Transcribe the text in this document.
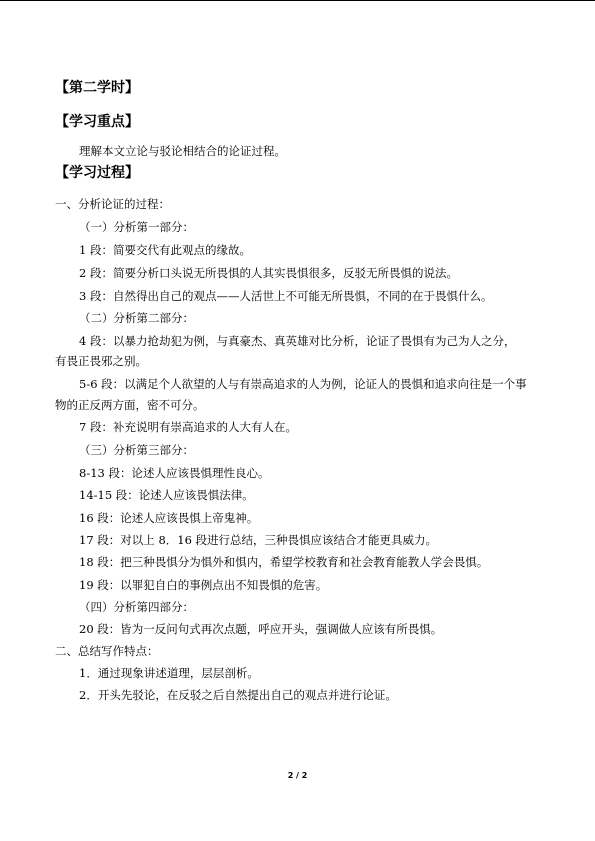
【第二学时】
【学习重点】
理解本文立论与驳论相结合的论证过程。
【学习过程】
一、分析论证的过程：
（一）分析第一部分：
1 段：简要交代有此观点的缘故。
2 段：简要分析口头说无所畏惧的人其实畏惧很多，反驳无所畏惧的说法。
3 段：自然得出自己的观点——人活世上不可能无所畏惧，不同的在于畏惧什么。
（二）分析第二部分：
4 段：以暴力抢劫犯为例，与真豪杰、真英雄对比分析，论证了畏惧有为己为人之分，
有畏正畏邪之别。
5-6 段：以满足个人欲望的人与有崇高追求的人为例，论证人的畏惧和追求向往是一个事
物的正反两方面，密不可分。
7 段：补充说明有崇高追求的人大有人在。
（三）分析第三部分：
8-13 段：论述人应该畏惧理性良心。
14-15 段：论述人应该畏惧法律。
16 段：论述人应该畏惧上帝鬼神。
17 段：对以上 8．16 段进行总结，三种畏惧应该结合才能更具威力。
18 段：把三种畏惧分为惧外和惧内，希望学校教育和社会教育能教人学会畏惧。
19 段：以罪犯自白的事例点出不知畏惧的危害。
（四）分析第四部分：
20 段：皆为一反问句式再次点题，呼应开头，强调做人应该有所畏惧。
二、总结写作特点：
1．通过现象讲述道理，层层剖析。
2．开头先驳论，在反驳之后自然提出自己的观点并进行论证。
2 / 2
